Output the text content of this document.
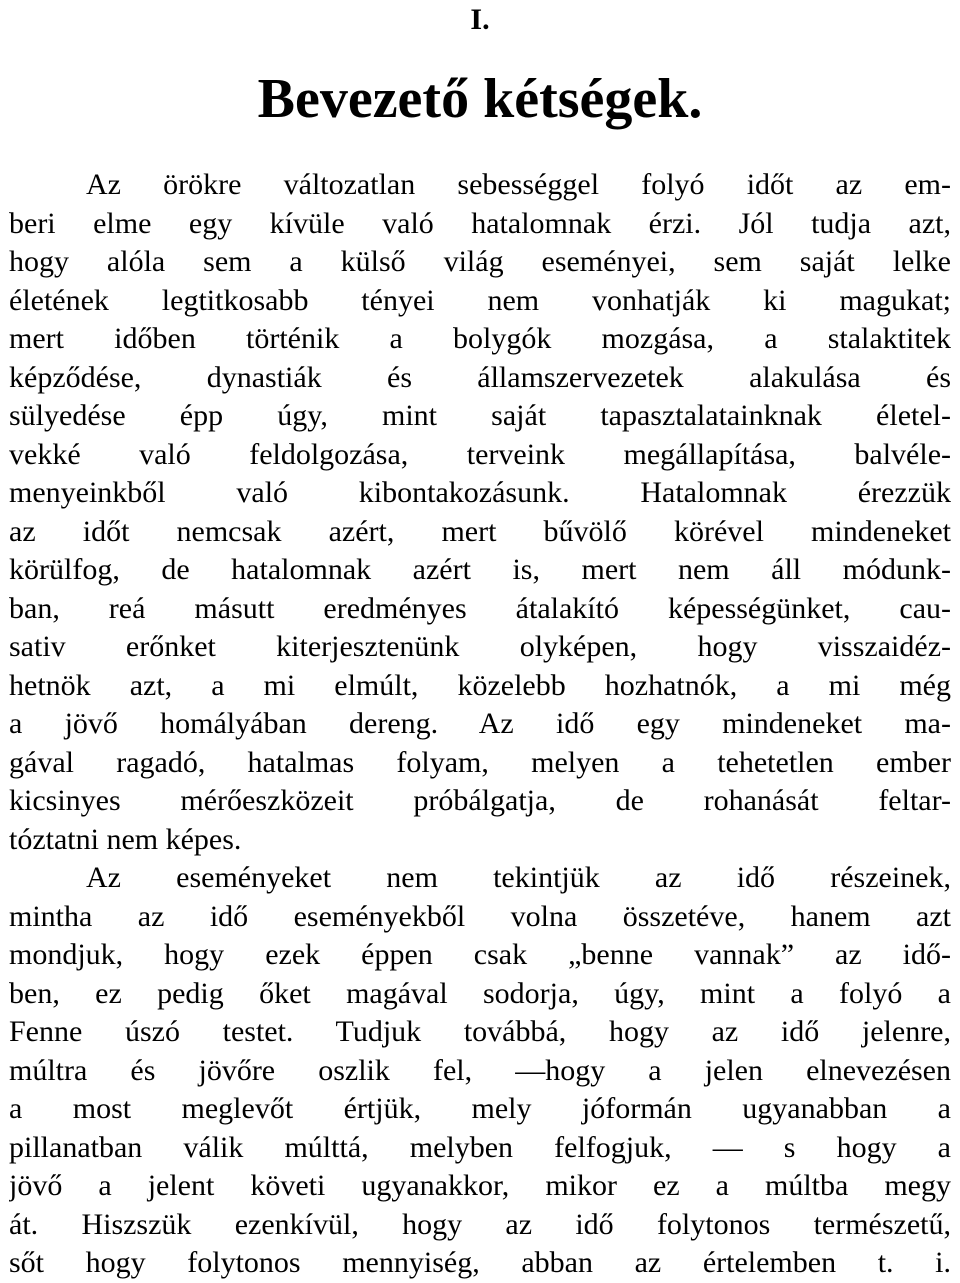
I.
Bevezető kétségek.
Az örökre változatlan sebességgel folyó időt az em-
beri elme egy kívüle való hatalomnak érzi. Jól tudja azt,
hogy alóla sem a külső világ eseményei, sem saját lelke
életének legtitkosabb tényei nem vonhatják ki magukat;
mert időben történik a bolygók mozgása, a stalaktitek
képződése, dynastiák és államszervezetek alakulása és
sülyedése épp úgy, mint saját tapasztalatainknak életel-
vekké való feldolgozása, terveink megállapítása, balvéle-
menyeinkből való kibontakozásunk. Hatalomnak érezzük
az időt nemcsak azért, mert bűvölő körével mindeneket
körülfog, de hatalomnak azért is, mert nem áll módunk-
ban, reá másutt eredményes átalakító képességünket, cau-
sativ erőnket kiterjesztenünk olyképen, hogy visszaidéz-
hetnök azt, a mi elmúlt, közelebb hozhatnók, a mi még
a jövő homályában dereng. Az idő egy mindeneket ma-
gával ragadó, hatalmas folyam, melyen a tehetetlen ember
kicsinyes mérőeszközeit próbálgatja, de rohanását feltar-
tóztatni nem képes.
Az eseményeket nem tekintjük az idő részeinek,
mintha az idő eseményekből volna összetéve, hanem azt
mondjuk, hogy ezek éppen csak „benne vannak” az idő-
ben, ez pedig őket magával sodorja, úgy, mint a folyó a
Fenne úszó testet. Tudjuk továbbá, hogy az idő jelenre,
múltra és jövőre oszlik fel, —hogy a jelen elnevezésen
a most meglevőt értjük, mely jóformán ugyanabban a
pillanatban válik múlttá, melyben felfogjuk, — s hogy a
jövő a jelent követi ugyanakkor, mikor ez a múltba megy
át. Hiszszük ezenkívül, hogy az idő folytonos természetű,
sőt hogy folytonos mennyiség, abban az értelemben t. i.
